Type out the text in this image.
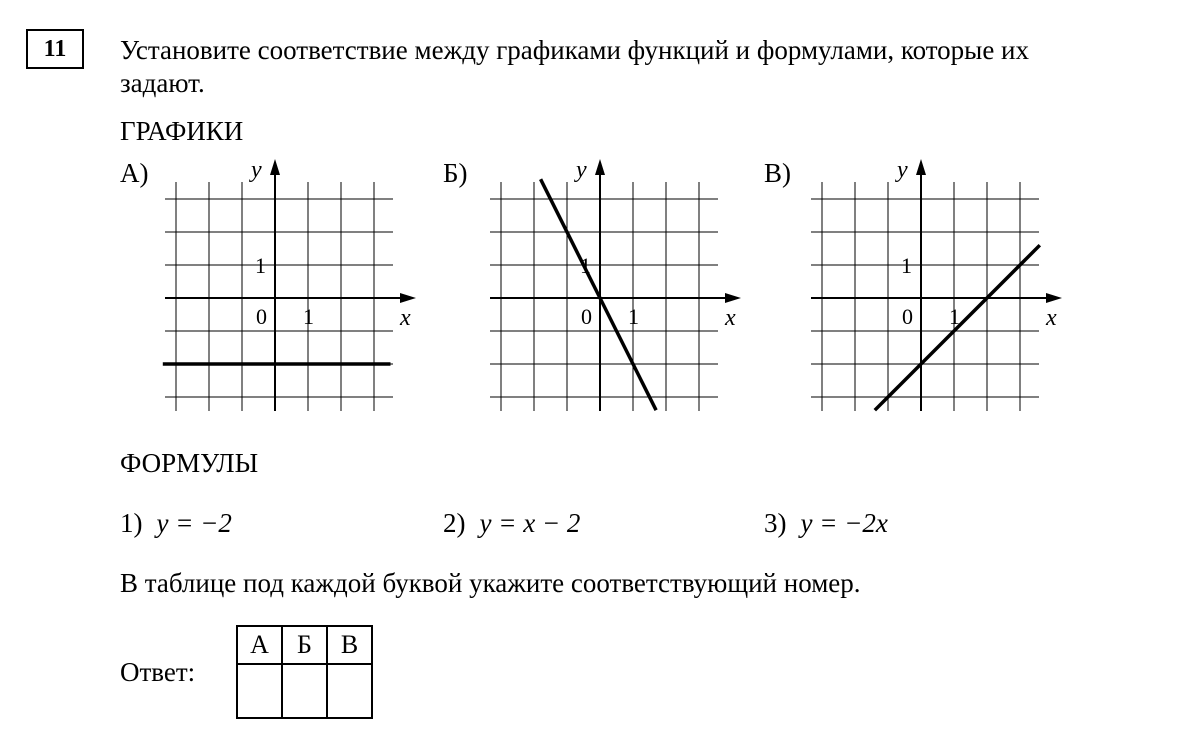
11	Установите соответствие между графиками функций и формулами, которые их задают.
ГРАФИКИ
А)	y
x
0 1
1
Б)	y
x
0 1
1
В)	y
x
0 1
1
ФОРМУЛЫ
1) y = −2	2) y = x − 2	3) y = −2x
В таблице под каждой буквой укажите соответствующий номер.
Ответ:
А	Б	В
